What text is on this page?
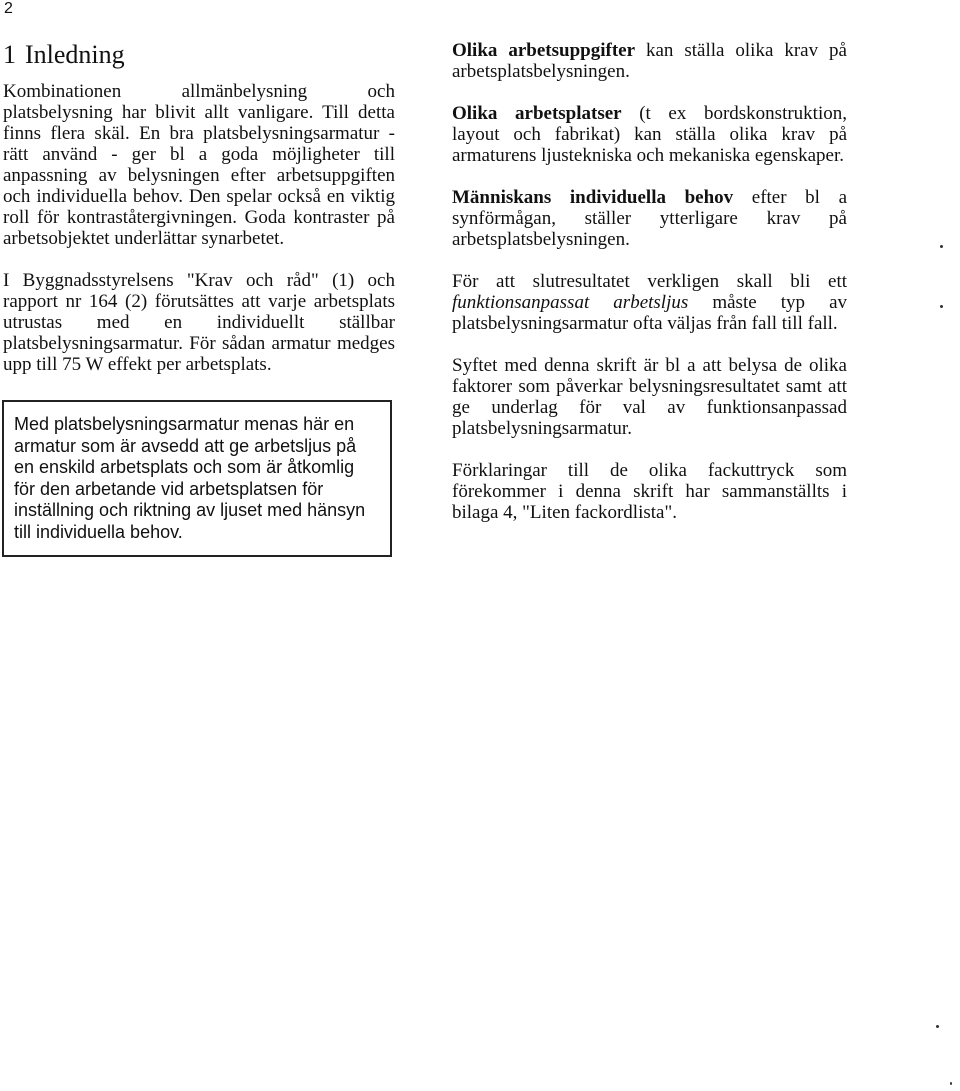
2
1 Inledning

Kombinationen allmänbelysning och platsbelysning har blivit allt vanligare. Till detta finns flera skäl. En bra platsbelysningsarmatur - rätt använd - ger bl a goda möjligheter till anpassning av belysningen efter arbetsuppgiften och individuella behov. Den spelar också en viktig roll för kontraståtergivningen. Goda kontraster på arbetsobjektet underlättar synarbetet.

I Byggnadsstyrelsens "Krav och råd" (1) och rapport nr 164 (2) förutsättes att varje arbetsplats utrustas med en individuellt ställbar platsbelysningsarmatur. För sådan armatur medges upp till 75 W effekt per arbetsplats.

Med platsbelysningsarmatur menas här en armatur som är avsedd att ge arbetsljus på en enskild arbetsplats och som är åtkomlig för den arbetande vid arbetsplatsen för inställning och riktning av ljuset med hänsyn till individuella behov.

Olika arbetsuppgifter kan ställa olika krav på arbetsplatsbelysningen.

Olika arbetsplatser (t ex bordskonstruktion, layout och fabrikat) kan ställa olika krav på armaturens ljustekniska och mekaniska egenskaper.

Människans individuella behov efter bl a synförmågan, ställer ytterligare krav på arbetsplatsbelysningen.

För att slutresultatet verkligen skall bli ett funktionsanpassat arbetsljus måste typ av platsbelysningsarmatur ofta väljas från fall till fall.

Syftet med denna skrift är bl a att belysa de olika faktorer som påverkar belysningsresultatet samt att ge underlag för val av funktionsanpassad platsbelysningsarmatur.

Förklaringar till de olika fackuttryck som förekommer i denna skrift har sammanställts i bilaga 4, "Liten fackordlista".
